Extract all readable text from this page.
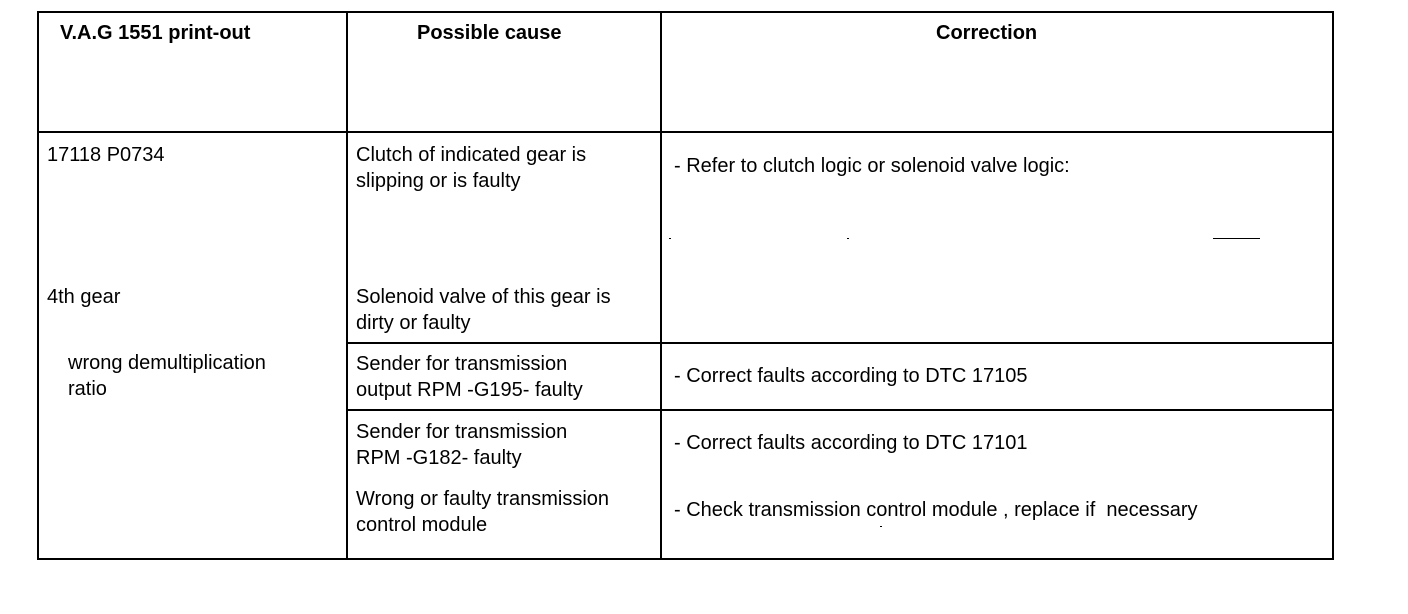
V.A.G 1551 print-out	Possible cause	Correction
17118 P0734
4th gear
wrong demultiplication
ratio
Clutch of indicated gear is
slipping or is faulty
- Refer to clutch logic or solenoid valve logic:
Solenoid valve of this gear is
dirty or faulty
Sender for transmission
output RPM -G195- faulty
- Correct faults according to DTC 17105
Sender for transmission
RPM -G182- faulty
- Correct faults according to DTC 17101
Wrong or faulty transmission
control module
- Check transmission control module , replace if  necessary
